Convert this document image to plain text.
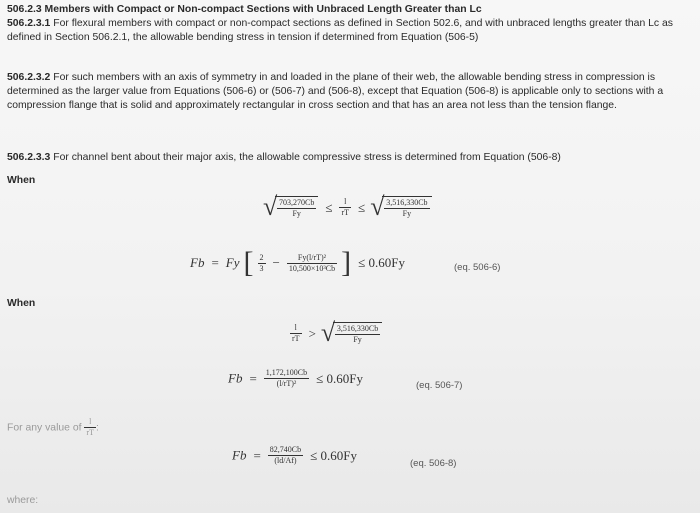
506.2.3 Members with Compact or Non-compact Sections with Unbraced Length Greater than Lc
506.2.3.1 For flexural members with compact or non-compact sections as defined in Section 502.6, and with unbraced lengths greater than Lc as defined in Section 506.2.1, the allowable bending stress in tension if determined from Equation (506-5)
506.2.3.2 For such members with an axis of symmetry in and loaded in the plane of their web, the allowable bending stress in compression is determined as the larger value from Equations (506-6) or (506-7) and (506-8), except that Equation (506-8) is applicable only to sections with a compression flange that is solid and approximately rectangular in cross section and that has an area not less than the tension flange.
506.2.3.3 For channel bent about their major axis, the allowable compressive stress is determined from Equation (506-8)
When
√ $\frac{703,270Cb}{Fy} \le \frac{l}{rT}$ ≤ √ $\frac{3,516,330Cb}{Fy}$
Fb = Fy [ $\frac{2}{3} - \frac{\text{Fy(l/rT)²}}{\text{10,500×10³Cb}}$ ] ≤ 0.60Fy	(eq. 506-6)
When
$\frac{l}{rT}$ > √ $\frac{3,516,330Cb}{Fy}$
$Fb = \frac{1,172,100Cb}{\text{(l/rT)²}} \le 0.60Fy$	(eq. 506-7)
For any value of $\frac{l}{rT}$ :
$Fb = \frac{82,740Cb}{(ld/Af)} \le 0.60Fy$
(eq. 506-8)
where:
